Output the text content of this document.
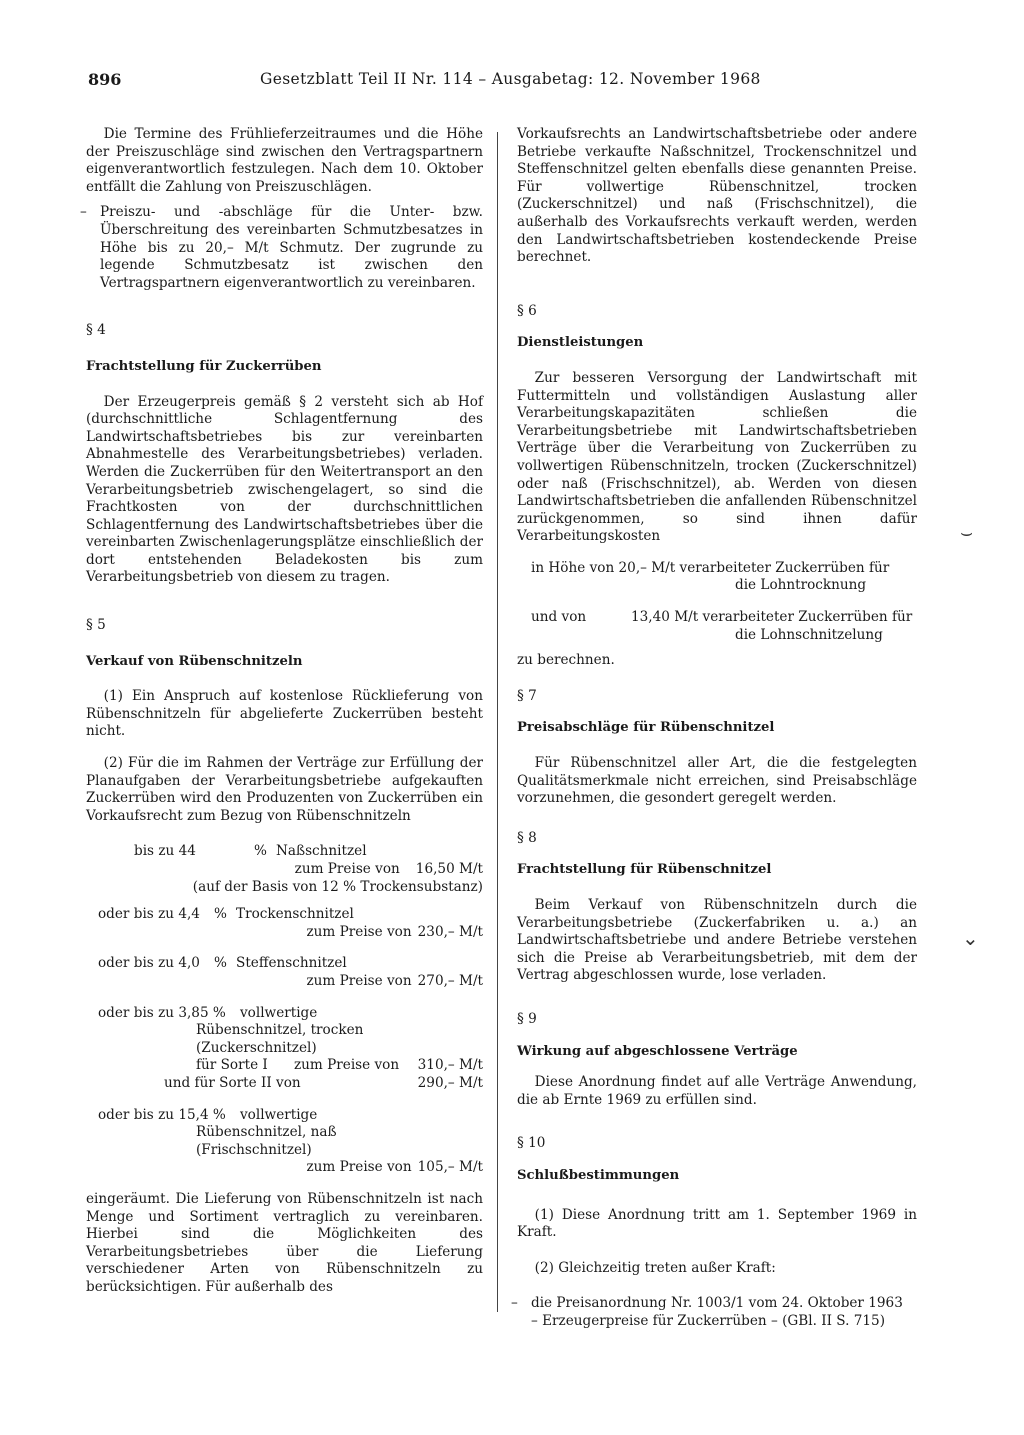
896	Gesetzblatt Teil II Nr. 114 – Ausgabetag: 12. November 1968

Die Termine des Frühlieferzeitraumes und die Höhe der Preiszuschläge sind zwischen den Vertragspartnern eigenverantwortlich festzulegen. Nach dem 10. Oktober entfällt die Zahlung von Preiszuschlägen.

– Preiszu- und -abschläge für die Unter- bzw. Überschreitung des vereinbarten Schmutzbesatzes in Höhe bis zu 20,– M/t Schmutz. Der zugrunde zu legende Schmutzbesatz ist zwischen den Vertragspartnern eigenverantwortlich zu vereinbaren.

§ 4

Frachtstellung für Zuckerrüben

Der Erzeugerpreis gemäß § 2 versteht sich ab Hof (durchschnittliche Schlagentfernung des Landwirtschaftsbetriebes bis zur vereinbarten Abnahmestelle des Verarbeitungsbetriebes) verladen. Werden die Zuckerrüben für den Weitertransport an den Verarbeitungsbetrieb zwischengelagert, so sind die Frachtkosten von der durchschnittlichen Schlagentfernung des Landwirtschaftsbetriebes über die vereinbarten Zwischenlagerungsplätze einschließlich der dort entstehenden Beladekosten bis zum Verarbeitungsbetrieb von diesem zu tragen.

§ 5

Verkauf von Rübenschnitzeln

(1) Ein Anspruch auf kostenlose Rücklieferung von Rübenschnitzeln für abgelieferte Zuckerrüben besteht nicht.

(2) Für die im Rahmen der Verträge zur Erfüllung der Planaufgaben der Verarbeitungsbetriebe aufgekauften Zuckerrüben wird den Produzenten von Zuckerrüben ein Vorkaufsrecht zum Bezug von Rübenschnitzeln

bis zu 44	% Naßschnitzel
zum Preise von	16,50 M/t
(auf der Basis von 12 % Trockensubstanz)
oder bis zu 4,4	% Trockenschnitzel
zum Preise von 230,– M/t
oder bis zu 4,0	% Steffenschnitzel
zum Preise von 270,– M/t
oder bis zu 3,85 %	vollwertige
Rübenschnitzel, trocken
(Zuckerschnitzel)
für Sorte I	zum Preise von	310,– M/t
und für Sorte II von	290,– M/t
oder bis zu 15,4 %	vollwertige
Rübenschnitzel, naß
(Frischschnitzel)
zum Preise von 105,– M/t

eingeräumt. Die Lieferung von Rübenschnitzeln ist nach Menge und Sortiment vertraglich zu vereinbaren. Hierbei sind die Möglichkeiten des Verarbeitungsbetriebes über die Lieferung verschiedener Arten von Rübenschnitzeln zu berücksichtigen. Für außerhalb des

Vorkaufsrechts an Landwirtschaftsbetriebe oder andere Betriebe verkaufte Naßschnitzel, Trockenschnitzel und Steffenschnitzel gelten ebenfalls diese genannten Preise. Für vollwertige Rübenschnitzel, trocken (Zuckerschnitzel) und naß (Frischschnitzel), die außerhalb des Vorkaufsrechts verkauft werden, werden den Landwirtschaftsbetrieben kostendeckende Preise berechnet.

§ 6

Dienstleistungen

Zur besseren Versorgung der Landwirtschaft mit Futtermitteln und vollständigen Auslastung aller Verarbeitungskapazitäten schließen die Verarbeitungsbetriebe mit Landwirtschaftsbetrieben Verträge über die Verarbeitung von Zuckerrüben zu vollwertigen Rübenschnitzeln, trocken (Zuckerschnitzel) oder naß (Frischschnitzel), ab. Werden von diesen Landwirtschaftsbetrieben die anfallenden Rübenschnitzel zurückgenommen, so sind ihnen dafür Verarbeitungskosten

in Höhe von 20,– M/t verarbeiteter Zuckerrüben für
die Lohntrocknung
und von	13,40 M/t verarbeiteter Zuckerrüben für
die Lohnschnitzelung

zu berechnen.

§ 7

Preisabschläge für Rübenschnitzel

Für Rübenschnitzel aller Art, die die festgelegten Qualitätsmerkmale nicht erreichen, sind Preisabschläge vorzunehmen, die gesondert geregelt werden.

§ 8

Frachtstellung für Rübenschnitzel

Beim Verkauf von Rübenschnitzeln durch die Verarbeitungsbetriebe (Zuckerfabriken u. a.) an Landwirtschaftsbetriebe und andere Betriebe verstehen sich die Preise ab Verarbeitungsbetrieb, mit dem der Vertrag abgeschlossen wurde, lose verladen.

§ 9

Wirkung auf abgeschlossene Verträge

Diese Anordnung findet auf alle Verträge Anwendung, die ab Ernte 1969 zu erfüllen sind.

§ 10

Schlußbestimmungen

(1) Diese Anordnung tritt am 1. September 1969 in Kraft.

(2) Gleichzeitig treten außer Kraft:

– die Preisanordnung Nr. 1003/1 vom 24. Oktober 1963
– Erzeugerpreise für Zuckerrüben – (GBl. II S. 715)
⌣
⌄
